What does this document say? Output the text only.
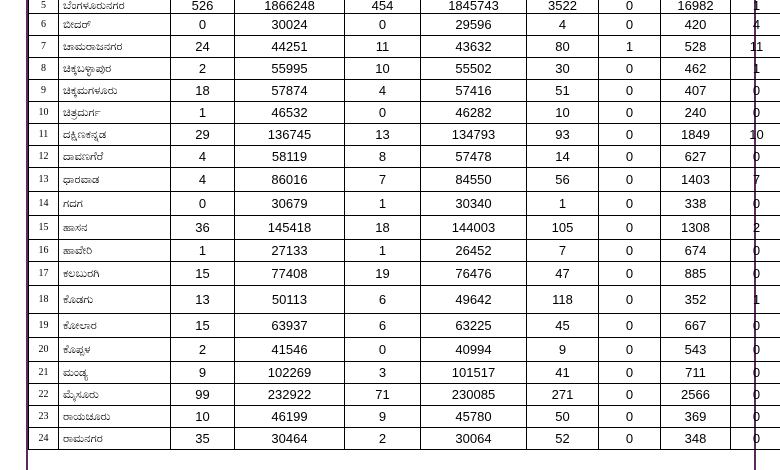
5	ಬೆಂಗಳೂರುನಗರ	526	1866248	454	1845743	3522	0	16982	1
6	ಬೀದರ್	0	30024	0	29596	4	0	420	4
7	ಚಾಮರಾಜನಗರ	24	44251	11	43632	80	1	528	11
8	ಚಿಕ್ಕಬಳ್ಳಾಪುರ	2	55995	10	55502	30	0	462	1
9	ಚಿಕ್ಕಮಗಳೂರು	18	57874	4	57416	51	0	407	0
10	ಚಿತ್ರದುರ್ಗ	1	46532	0	46282	10	0	240	0
11	ದಕ್ಷಿಣಕನ್ನಡ	29	136745	13	134793	93	0	1849	10
12	ದಾವಣಗೆರೆ	4	58119	8	57478	14	0	627	0
13	ಧಾರವಾಡ	4	86016	7	84550	56	0	1403	7
14	ಗದಗ	0	30679	1	30340	1	0	338	0
15	ಹಾಸನ	36	145418	18	144003	105	0	1308	2
16	ಹಾವೇರಿ	1	27133	1	26452	7	0	674	0
17	ಕಲಬುರಗಿ	15	77408	19	76476	47	0	885	0
18	ಕೊಡಗು	13	50113	6	49642	118	0	352	1
19	ಕೋಲಾರ	15	63937	6	63225	45	0	667	0
20	ಕೊಪ್ಪಳ	2	41546	0	40994	9	0	543	0
21	ಮಂಡ್ಯ	9	102269	3	101517	41	0	711	0
22	ಮೈಸೂರು	99	232922	71	230085	271	0	2566	0
23	ರಾಯಚೂರು	10	46199	9	45780	50	0	369	0
24	ರಾಮನಗರ	35	30464	2	30064	52	0	348	0
